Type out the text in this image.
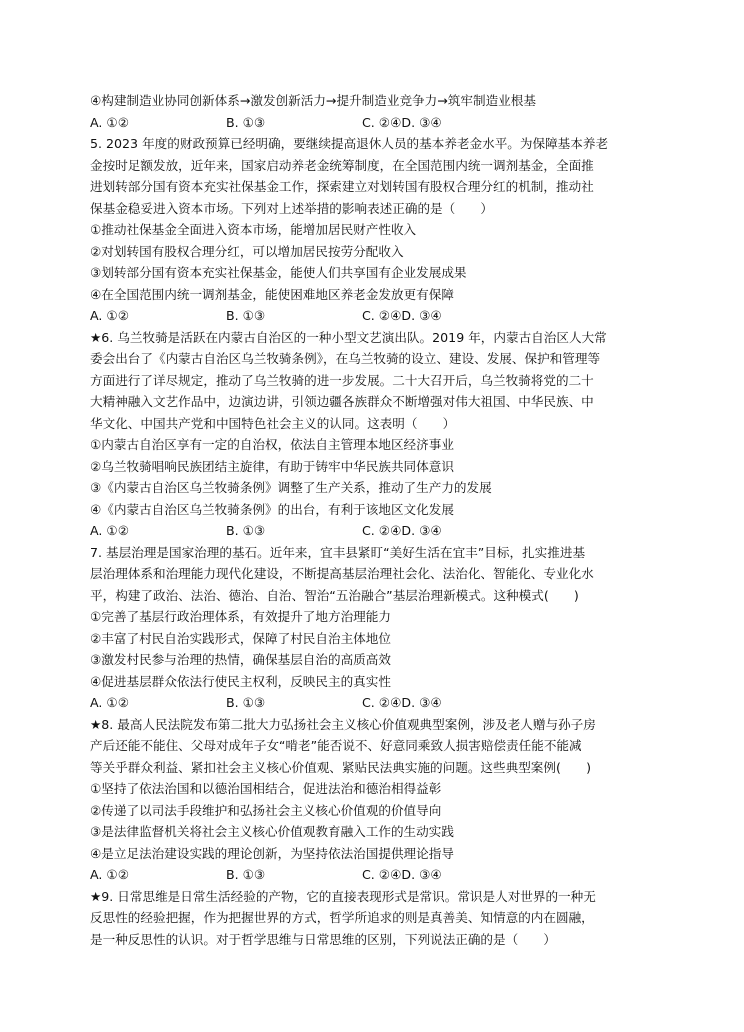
④构建制造业协同创新体系→激发创新活力→提升制造业竞争力→筑牢制造业根基
A. ①②	B. ①③	C. ②④D. ③④
5. 2023 年度的财政预算已经明确，要继续提高退休人员的基本养老金水平。为保障基本养老
金按时足额发放，近年来，国家启动养老金统筹制度，在全国范围内统一调剂基金，全面推
进划转部分国有资本充实社保基金工作，探索建立对划转国有股权合理分红的机制，推动社
保基金稳妥进入资本市场。下列对上述举措的影响表述正确的是（　　）
①推动社保基金全面进入资本市场，能增加居民财产性收入
②对划转国有股权合理分红，可以增加居民按劳分配收入
③划转部分国有资本充实社保基金，能使人们共享国有企业发展成果
④在全国范围内统一调剂基金，能使困难地区养老金发放更有保障
A. ①②	B. ①③	C. ②④D. ③④
★6. 乌兰牧骑是活跃在内蒙古自治区的一种小型文艺演出队。2019 年，内蒙古自治区人大常
委会出台了《内蒙古自治区乌兰牧骑条例》，在乌兰牧骑的设立、建设、发展、保护和管理等
方面进行了详尽规定，推动了乌兰牧骑的进一步发展。二十大召开后，乌兰牧骑将党的二十
大精神融入文艺作品中，边演边讲，引领边疆各族群众不断增强对伟大祖国、中华民族、中
华文化、中国共产党和中国特色社会主义的认同。这表明（　　）
①内蒙古自治区享有一定的自治权，依法自主管理本地区经济事业
②乌兰牧骑唱响民族团结主旋律，有助于铸牢中华民族共同体意识
③《内蒙古自治区乌兰牧骑条例》调整了生产关系，推动了生产力的发展
④《内蒙古自治区乌兰牧骑条例》的出台，有利于该地区文化发展
A. ①②	B. ①③	C. ②④D. ③④
7. 基层治理是国家治理的基石。近年来，宜丰县紧盯“美好生活在宜丰”目标，扎实推进基
层治理体系和治理能力现代化建设，不断提高基层治理社会化、法治化、智能化、专业化水
平，构建了政治、法治、德治、自治、智治“五治融合”基层治理新模式。这种模式(　　)
①完善了基层行政治理体系，有效提升了地方治理能力
②丰富了村民自治实践形式，保障了村民自治主体地位
③激发村民参与治理的热情，确保基层自治的高质高效
④促进基层群众依法行使民主权利，反映民主的真实性
A. ①②	B. ①③	C. ②④D. ③④
★8. 最高人民法院发布第二批大力弘扬社会主义核心价值观典型案例，涉及老人赠与孙子房
产后还能不能住、父母对成年子女“啃老”能否说不、好意同乘致人损害赔偿责任能不能减
等关乎群众利益、紧扣社会主义核心价值观、紧贴民法典实施的问题。这些典型案例(　　)
①坚持了依法治国和以德治国相结合，促进法治和德治相得益彰
②传递了以司法手段维护和弘扬社会主义核心价值观的价值导向
③是法律监督机关将社会主义核心价值观教育融入工作的生动实践
④是立足法治建设实践的理论创新，为坚持依法治国提供理论指导
A. ①②	B. ①③	C. ②④D. ③④
★9. 日常思维是日常生活经验的产物，它的直接表现形式是常识。常识是人对世界的一种无
反思性的经验把握，作为把握世界的方式，哲学所追求的则是真善美、知情意的内在圆融，
是一种反思性的认识。对于哲学思维与日常思维的区别，下列说法正确的是（　　）
